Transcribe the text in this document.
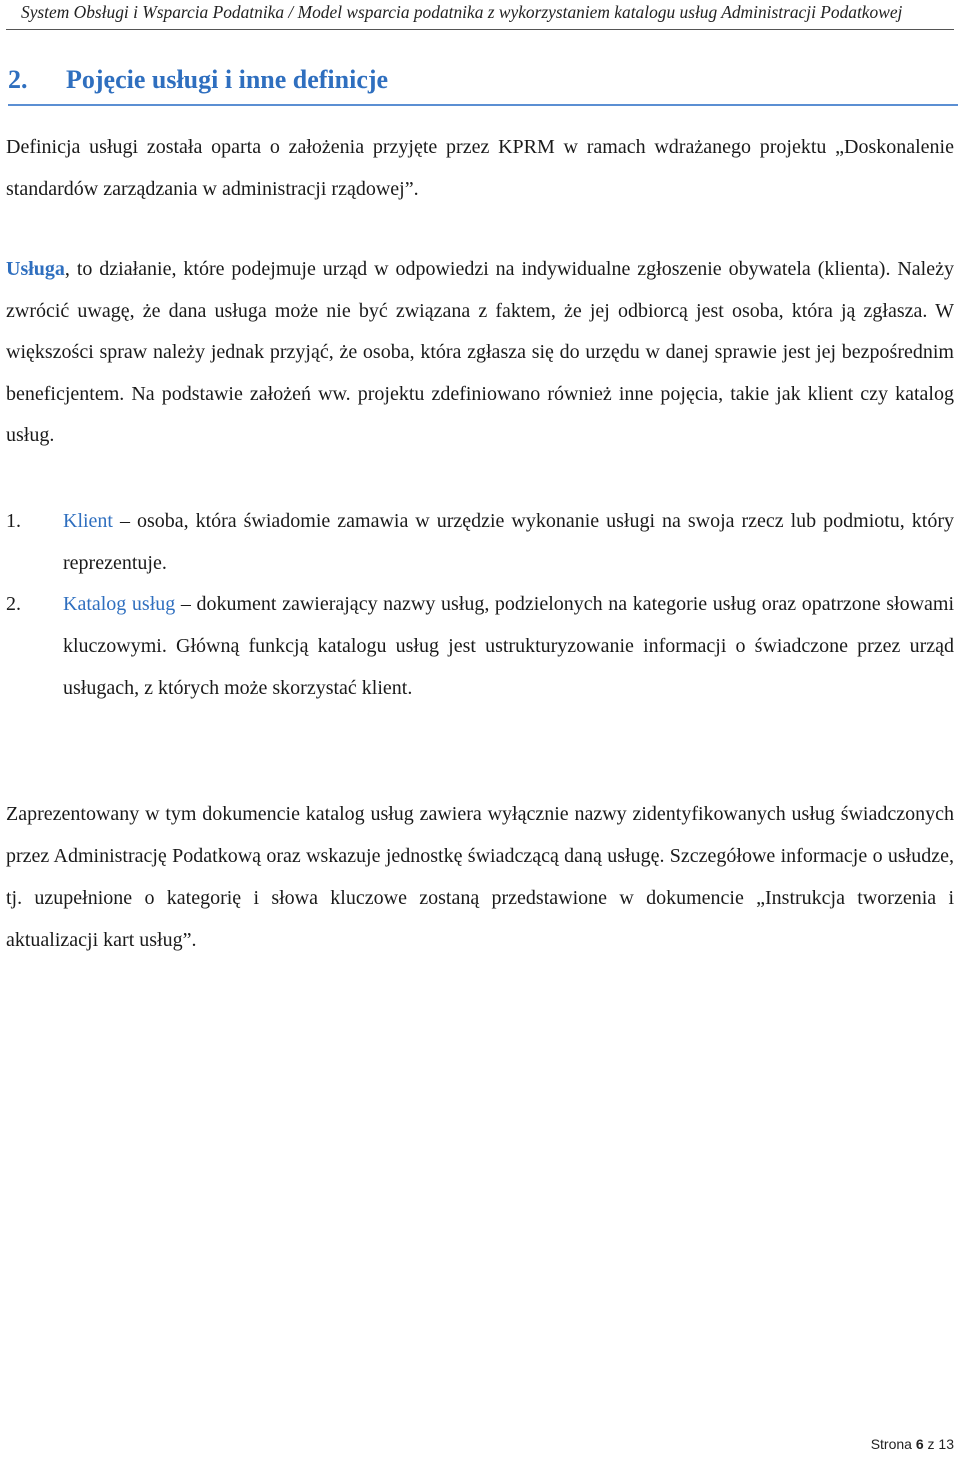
System Obsługi i Wsparcia Podatnika / Model wsparcia podatnika z wykorzystaniem katalogu usług Administracji Podatkowej
2. Pojęcie usługi i inne definicje

Definicja usługi została oparta o założenia przyjęte przez KPRM w ramach wdrażanego projektu „Doskonalenie standardów zarządzania w administracji rządowej”.

Usługa, to działanie, które podejmuje urząd w odpowiedzi na indywidualne zgłoszenie obywatela (klienta). Należy zwrócić uwagę, że dana usługa może nie być związana z faktem, że jej odbiorcą jest osoba, która ją zgłasza. W większości spraw należy jednak przyjąć, że osoba, która zgłasza się do urzędu w danej sprawie jest jej bezpośrednim beneficjentem. Na podstawie założeń ww. projektu zdefiniowano również inne pojęcia, takie jak klient czy katalog usług.

1. Klient – osoba, która świadomie zamawia w urzędzie wykonanie usługi na swoja rzecz lub podmiotu, który reprezentuje.
2. Katalog usług – dokument zawierający nazwy usług, podzielonych na kategorie usług oraz opatrzone słowami kluczowymi. Główną funkcją katalogu usług jest ustrukturyzowanie informacji o świadczone przez urząd usługach, z których może skorzystać klient.

Zaprezentowany w tym dokumencie katalog usług zawiera wyłącznie nazwy zidentyfikowanych usług świadczonych przez Administrację Podatkową oraz wskazuje jednostkę świadczącą daną usługę. Szczegółowe informacje o usłudze, tj. uzupełnione o kategorię i słowa kluczowe zostaną przedstawione w dokumencie „Instrukcja tworzenia i aktualizacji kart usług”.

Strona 6 z 13
